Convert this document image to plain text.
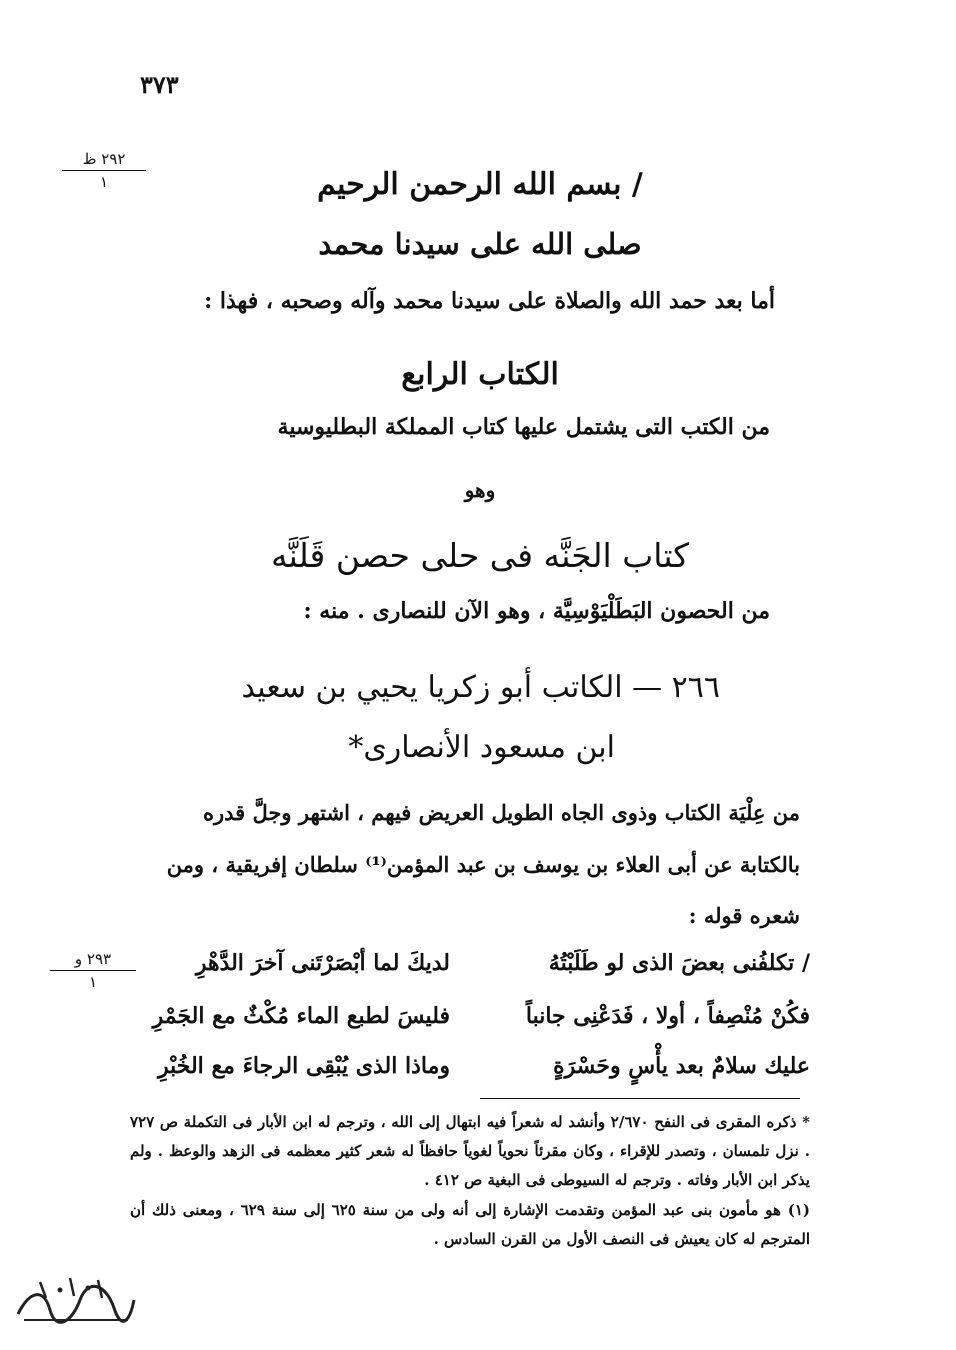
٣٧٣
٢٩٢ ظ
١	/ بسم الله الرحمن الرحيم
صلى الله على سيدنا محمد
أما بعد حمد الله والصلاة على سيدنا محمد وآله وصحبه ، فهذا :
الكتاب الرابع
من الكتب التى يشتمل عليها كتاب المملكة البطليوسية
وهو
كتاب الجَنَّه فى حلى حصن قَلَنَّه
من الحصون البَطَلْيَوْسِيَّة ، وهو الآن للنصارى . منه :
٢٦٦ — الكاتب أبو زكريا يحيي بن سعيد
ابن مسعود الأنصارى*
من عِلْيَة الكتاب وذوى الجاه الطويل العريض فيهم ، اشتهر وجلَّ قدره
بالكتابة عن أبى العلاء بن يوسف بن عبد المؤمن⁽¹⁾ سلطان إفريقية ، ومن
شعره قوله :
٢٩٣ و
١
/ تكلفُنى بعضَ الذى لو طَلَبْتُهُ
لديكَ لما أبْصَرْتَنى آخرَ الدَّهْرِ
فكُنْ مُنْصِفاً ، أولا ، فَدَعْنِى جانباً
فليسَ لطبع الماء مُكْثٌ مع الجَمْرِ
عليك سلامٌ بعد يأْسٍ وحَسْرَةٍ
وماذا الذى يُبْقِى الرجاءَ مع الخُبْرِ
* ذكره المقرى فى النفح ٢/٦٧٠ وأنشد له شعراً فيه ابتهال إلى الله ، وترجم له ابن الأبار فى التكملة ص ٧٢٧ . نزل تلمسان ، وتصدر للإقراء ، وكان مقرئاً نحوياً لغوياً حافظاً له شعر كثير معظمه فى الزهد والوعظ . ولم يذكر ابن الأبار وفاته . وترجم له السيوطى فى البغية ص ٤١٢ .
(١) هو مأمون بنى عبد المؤمن وتقدمت الإشارة إلى أنه ولى من سنة ٦٢٥ إلى سنة ٦٢٩ ، ومعنى ذلك أن المترجم له كان يعيش فى النصف الأول من القرن السادس .
